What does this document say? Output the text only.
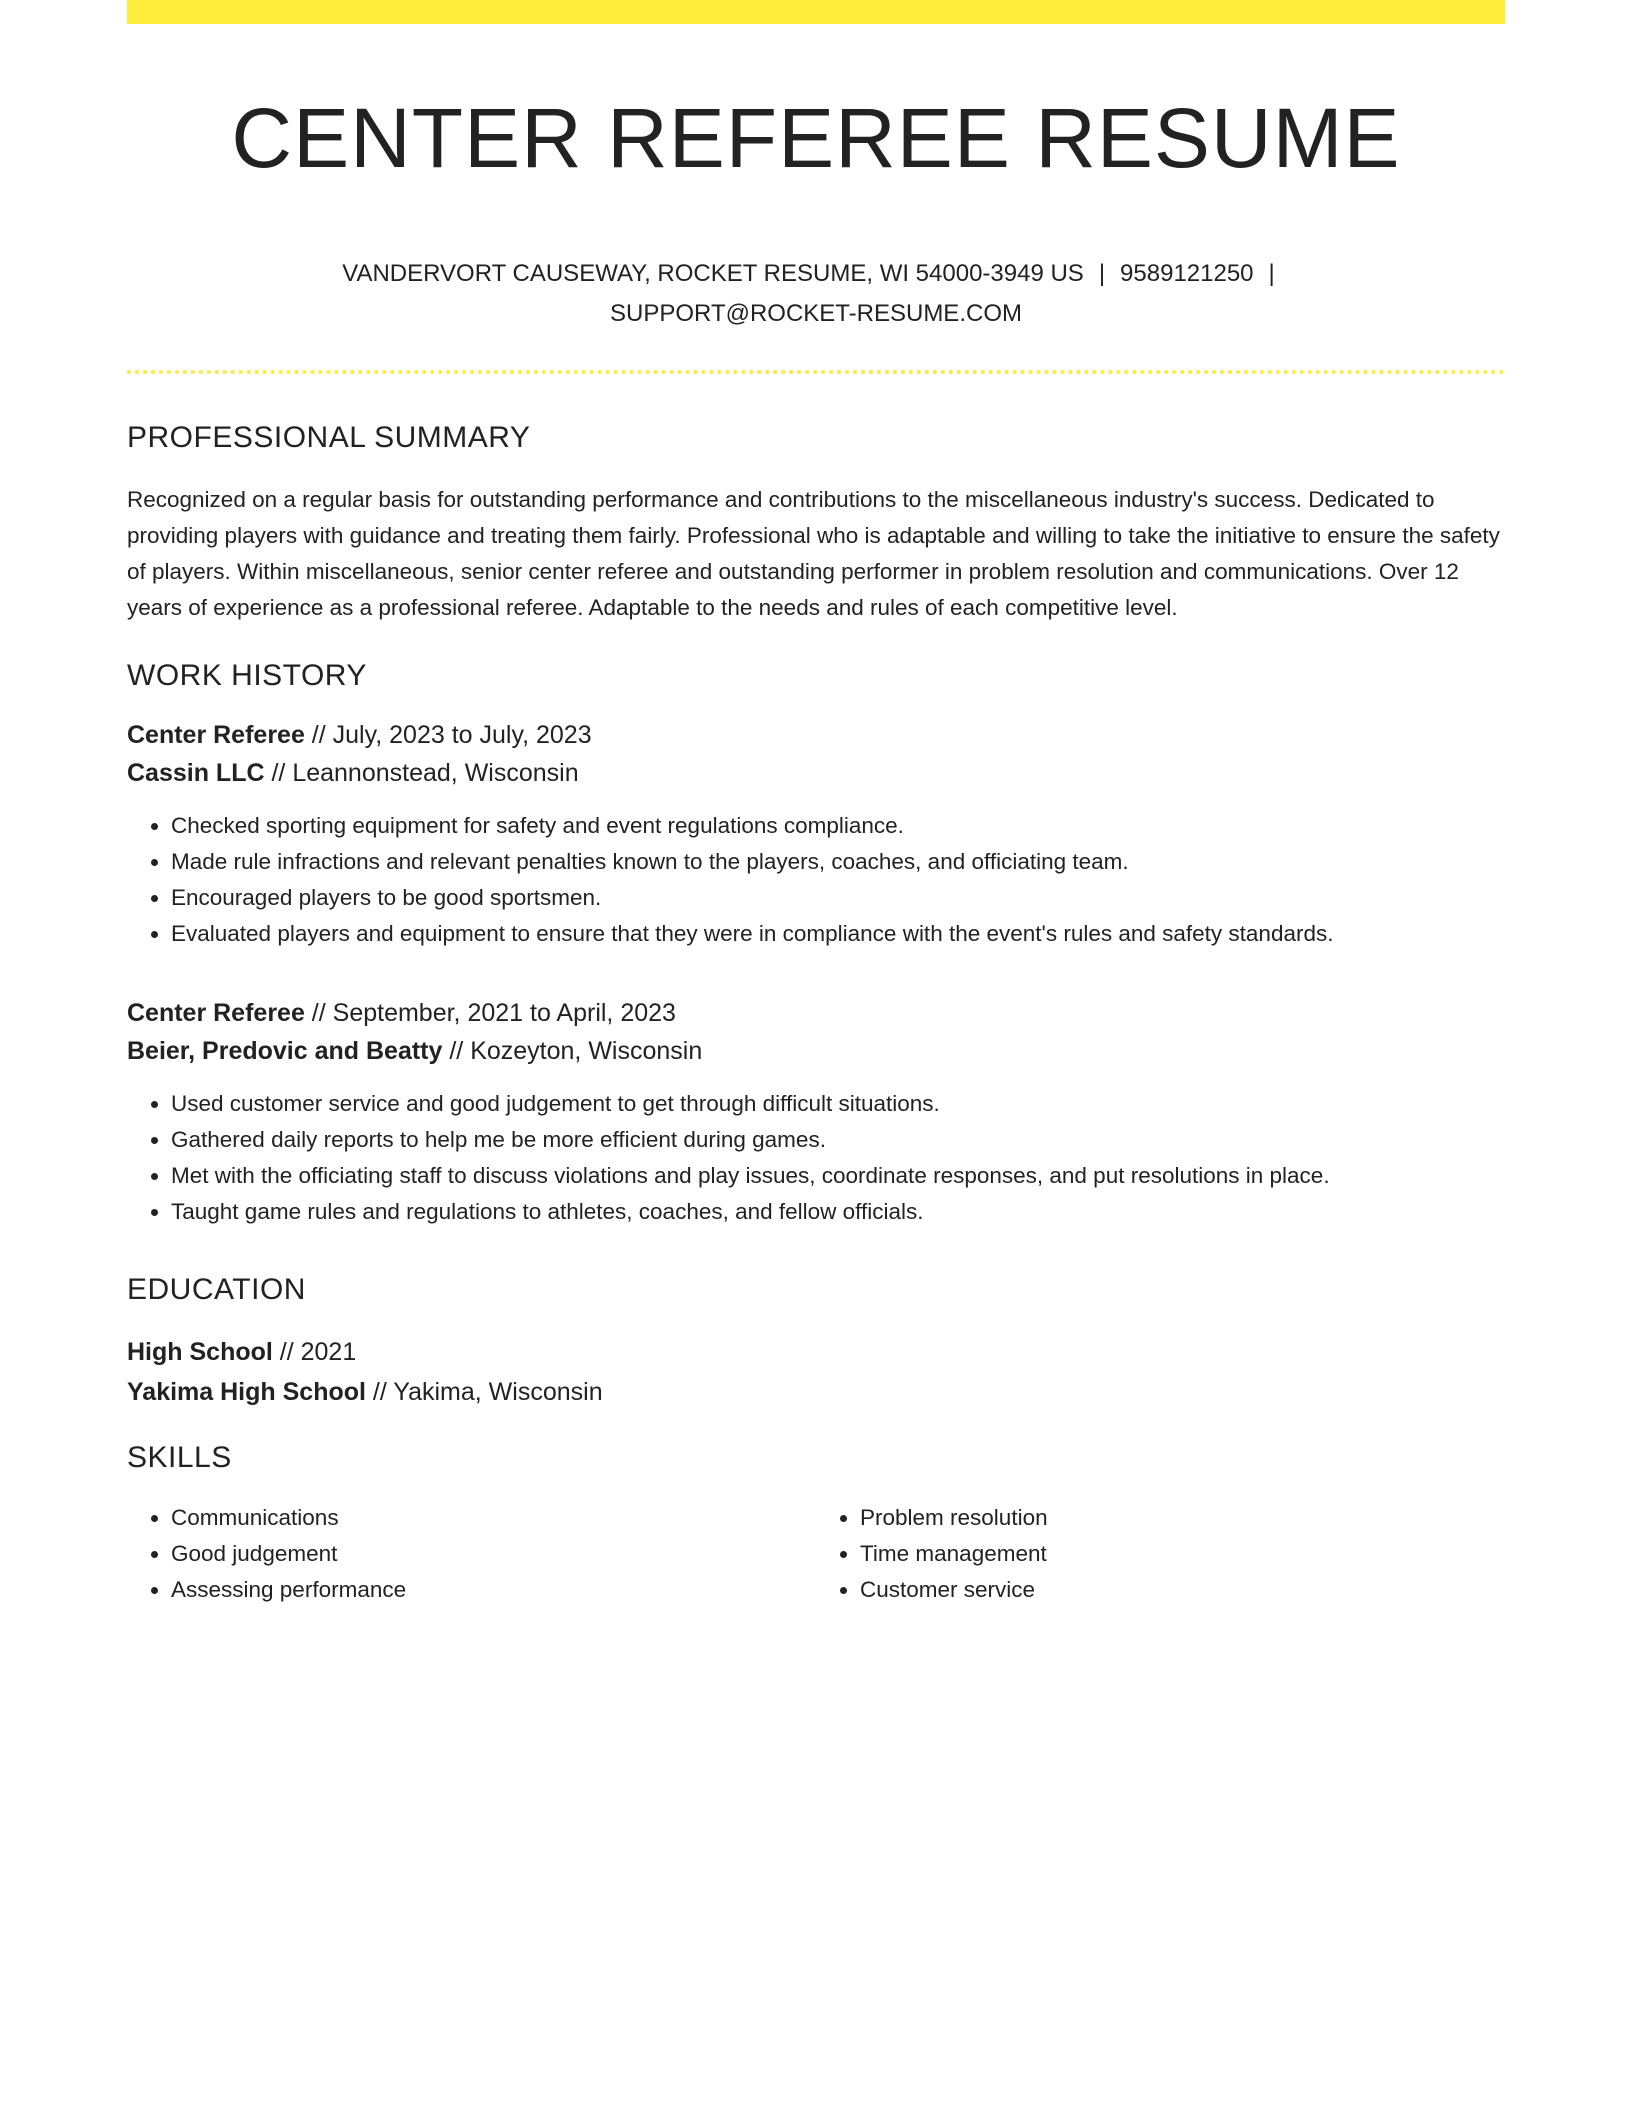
CENTER REFEREE RESUME
VANDERVORT CAUSEWAY, ROCKET RESUME, WI 54000-3949 US | 9589121250 |
SUPPORT@ROCKET-RESUME.COM
PROFESSIONAL SUMMARY

Recognized on a regular basis for outstanding performance and contributions to the miscellaneous industry's success. Dedicated to providing players with guidance and treating them fairly. Professional who is adaptable and willing to take the initiative to ensure the safety of players. Within miscellaneous, senior center referee and outstanding performer in problem resolution and communications. Over 12 years of experience as a professional referee. Adaptable to the needs and rules of each competitive level.

WORK HISTORY
Center Referee // July, 2023 to July, 2023
Cassin LLC // Leannonstead, Wisconsin
• Checked sporting equipment for safety and event regulations compliance.
• Made rule infractions and relevant penalties known to the players, coaches, and officiating team.
• Encouraged players to be good sportsmen.
• Evaluated players and equipment to ensure that they were in compliance with the event's rules and safety standards.
Center Referee // September, 2021 to April, 2023
Beier, Predovic and Beatty // Kozeyton, Wisconsin
• Used customer service and good judgement to get through difficult situations.
• Gathered daily reports to help me be more efficient during games.
• Met with the officiating staff to discuss violations and play issues, coordinate responses, and put resolutions in place.
• Taught game rules and regulations to athletes, coaches, and fellow officials.
EDUCATION
High School // 2021
Yakima High School // Yakima, Wisconsin
SKILLS
• Communications
• Good judgement
• Assessing performance
• Problem resolution
• Time management
• Customer service
